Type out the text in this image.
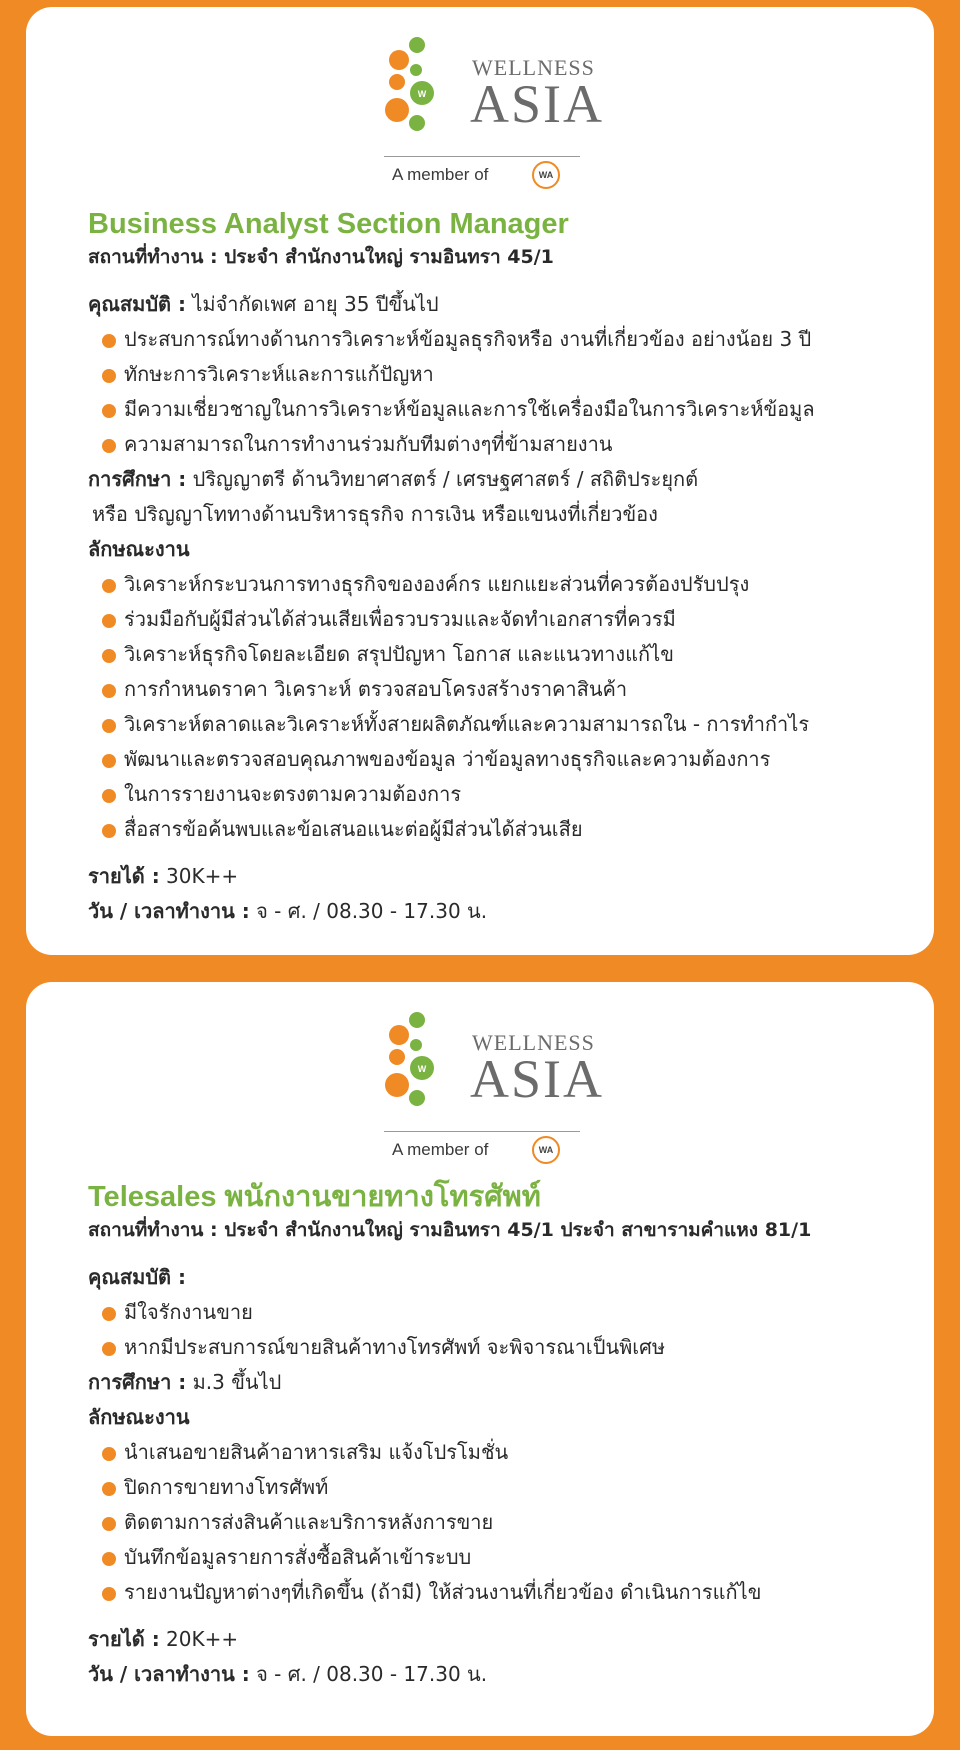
W
WELLNESS
ASIA
A member of	WA
Business Analyst Section Manager

สถานที่ทำงาน : ประจำ สำนักงานใหญ่ รามอินทรา 45/1

คุณสมบัติ : ไม่จำกัดเพศ อายุ 35 ปีขึ้นไป

ประสบการณ์ทางด้านการวิเคราะห์ข้อมูลธุรกิจหรือ งานที่เกี่ยวข้อง อย่างน้อย 3 ปี
ทักษะการวิเคราะห์และการแก้ปัญหา
มีความเชี่ยวชาญในการวิเคราะห์ข้อมูลและการใช้เครื่องมือในการวิเคราะห์ข้อมูล
ความสามารถในการทำงานร่วมกับทีมต่างๆที่ข้ามสายงาน

การศึกษา : ปริญญาตรี ด้านวิทยาศาสตร์ / เศรษฐศาสตร์ / สถิติประยุกต์

หรือ ปริญญาโททางด้านบริหารธุรกิจ การเงิน หรือแขนงที่เกี่ยวข้อง

ลักษณะงาน

วิเคราะห์กระบวนการทางธุรกิจขององค์กร แยกแยะส่วนที่ควรต้องปรับปรุง
ร่วมมือกับผู้มีส่วนได้ส่วนเสียเพื่อรวบรวมและจัดทำเอกสารที่ควรมี
วิเคราะห์ธุรกิจโดยละเอียด สรุปปัญหา โอกาส และแนวทางแก้ไข
การกำหนดราคา วิเคราะห์ ตรวจสอบโครงสร้างราคาสินค้า
วิเคราะห์ตลาดและวิเคราะห์ทั้งสายผลิตภัณฑ์และความสามารถใน - การทำกำไร
พัฒนาและตรวจสอบคุณภาพของข้อมูล ว่าข้อมูลทางธุรกิจและความต้องการ
ในการรายงานจะตรงตามความต้องการ
สื่อสารข้อค้นพบและข้อเสนอแนะต่อผู้มีส่วนได้ส่วนเสีย

รายได้ : 30K++

วัน / เวลาทำงาน : จ - ศ. / 08.30 - 17.30 น.

W
WELLNESS
ASIA
A member of	WA
Telesales พนักงานขายทางโทรศัพท์

สถานที่ทำงาน : ประจำ สำนักงานใหญ่ รามอินทรา 45/1 ประจำ สาขารามคำแหง 81/1

คุณสมบัติ :

มีใจรักงานขาย
หากมีประสบการณ์ขายสินค้าทางโทรศัพท์ จะพิจารณาเป็นพิเศษ

การศึกษา : ม.3 ขึ้นไป

ลักษณะงาน

นำเสนอขายสินค้าอาหารเสริม แจ้งโปรโมชั่น
ปิดการขายทางโทรศัพท์
ติดตามการส่งสินค้าและบริการหลังการขาย
บันทึกข้อมูลรายการสั่งซื้อสินค้าเข้าระบบ
รายงานปัญหาต่างๆที่เกิดขึ้น (ถ้ามี) ให้ส่วนงานที่เกี่ยวข้อง ดำเนินการแก้ไข

รายได้ : 20K++

วัน / เวลาทำงาน : จ - ศ. / 08.30 - 17.30 น.
